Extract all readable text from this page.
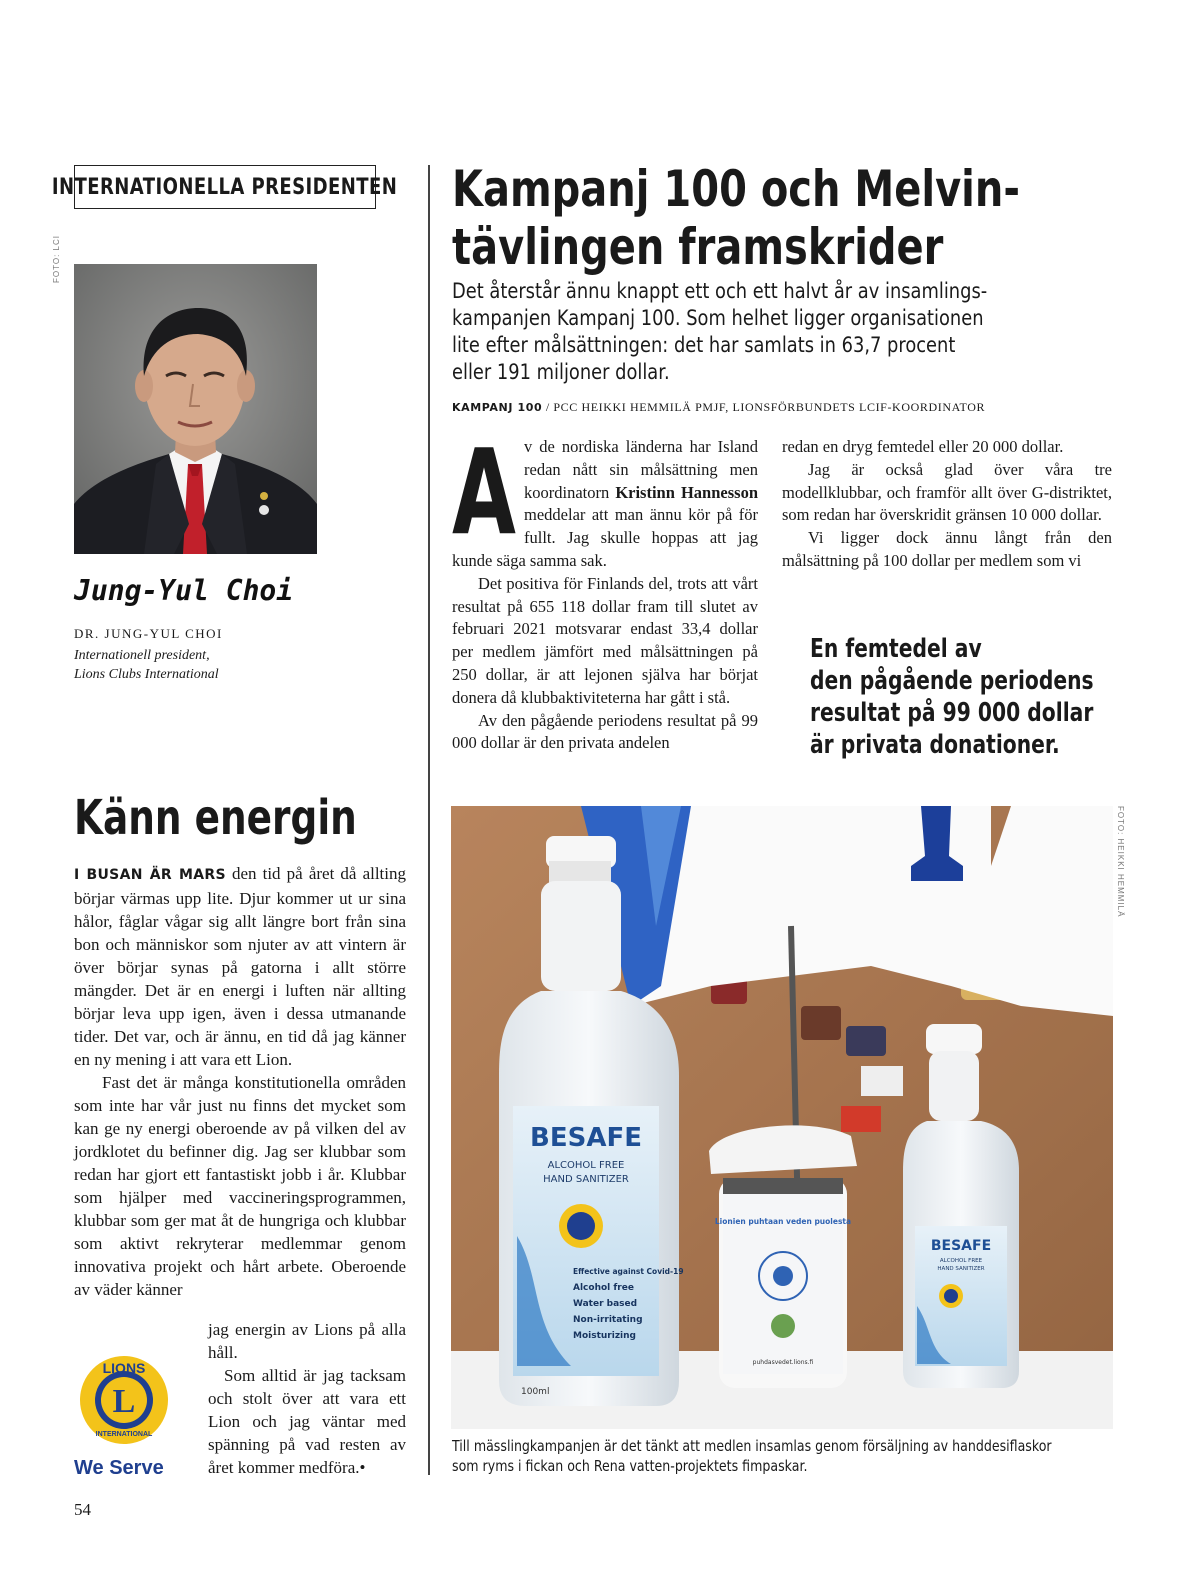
INTERNATIONELLA PRESIDENTEN
FOTO: LCI
Jung-Yul Choi
DR. JUNG-YUL CHOI
Internationell president,
Lions Clubs International
Känn energin

I BUSAN ÄR MARS den tid på året då allting börjar värmas upp lite. Djur kommer ut ur sina hålor, fåglar vågar sig allt längre bort från sina bon och människor som njuter av att vintern är över börjar synas på gatorna i allt större mängder. Det är en energi i luften när allting börjar leva upp igen, även i dessa utmanande tider. Det var, och är ännu, en tid då jag känner en ny mening i att vara ett Lion.

Fast det är många konstitutionella områden som inte har vår just nu finns det mycket som kan ge ny energi oberoende av på vilken del av jordklotet du befinner dig. Jag ser klubbar som redan har gjort ett fantastiskt jobb i år. Klubbar som hjälper med vaccineringsprogrammen, klubbar som ger mat åt de hungriga och klubbar som aktivt rekryterar medlemmar genom innovativa projekt och hårt arbete. Oberoende av väder känner

jag energin av Lions på alla håll.

Som alltid är jag tacksam och stolt över att vara ett Lion och jag väntar med spänning på vad resten av året kommer medföra.•

L
LIONS
INTERNATIONAL
We Serve
54
Kampanj 100 och Melvin-
tävlingen framskrider
Det återstår ännu knappt ett och ett halvt år av insamlings-
kampanjen Kampanj 100. Som helhet ligger organisationen
lite efter målsättningen: det har samlats in 63,7 procent
eller 191 miljoner dollar.
KAMPANJ 100 / PCC HEIKKI HEMMILÄ PMJF, LIONSFÖRBUNDETS LCIF-KOORDINATOR

Av de nordiska länderna har Island redan nått sin målsättning men koordinatorn Kristinn Hannesson meddelar att man ännu kör på för fullt. Jag skulle hoppas att jag kunde säga samma sak.

Det positiva för Finlands del, trots att vårt resultat på 655 118 dollar fram till slutet av februari 2021 motsvarar endast 33,4 dollar per medlem jämfört med målsättningen på 250 dollar, är att lejonen själva har börjat donera då klubbaktiviteterna har gått i stå.

Av den pågående periodens resultat på 99 000 dollar är den privata andelen

redan en dryg femtedel eller 20 000 dollar.

Jag är också glad över våra tre modellklubbar, och framför allt över G-distriktet, som redan har överskridit gränsen 10 000 dollar.

Vi ligger dock ännu långt från den målsättning på 100 dollar per medlem som vi

En femtedel av
den pågående periodens
resultat på 99 000 dollar
är privata donationer.
BESAFE
ALCOHOL FREE
HAND SANITIZER
Effective against Covid-19
Alcohol free
Water based
Non-irritating
Moisturizing
100ml
Lionien puhtaan veden puolesta
puhdasvedet.lions.fi
BESAFE
ALCOHOL FREE
HAND SANITIZER
FOTO: HEIKKI HEMMILÄ
Till mässlingkampanjen är det tänkt att medlen insamlas genom försäljning av handdesiflaskor
som ryms i fickan och Rena vatten-projektets fimpaskar.
